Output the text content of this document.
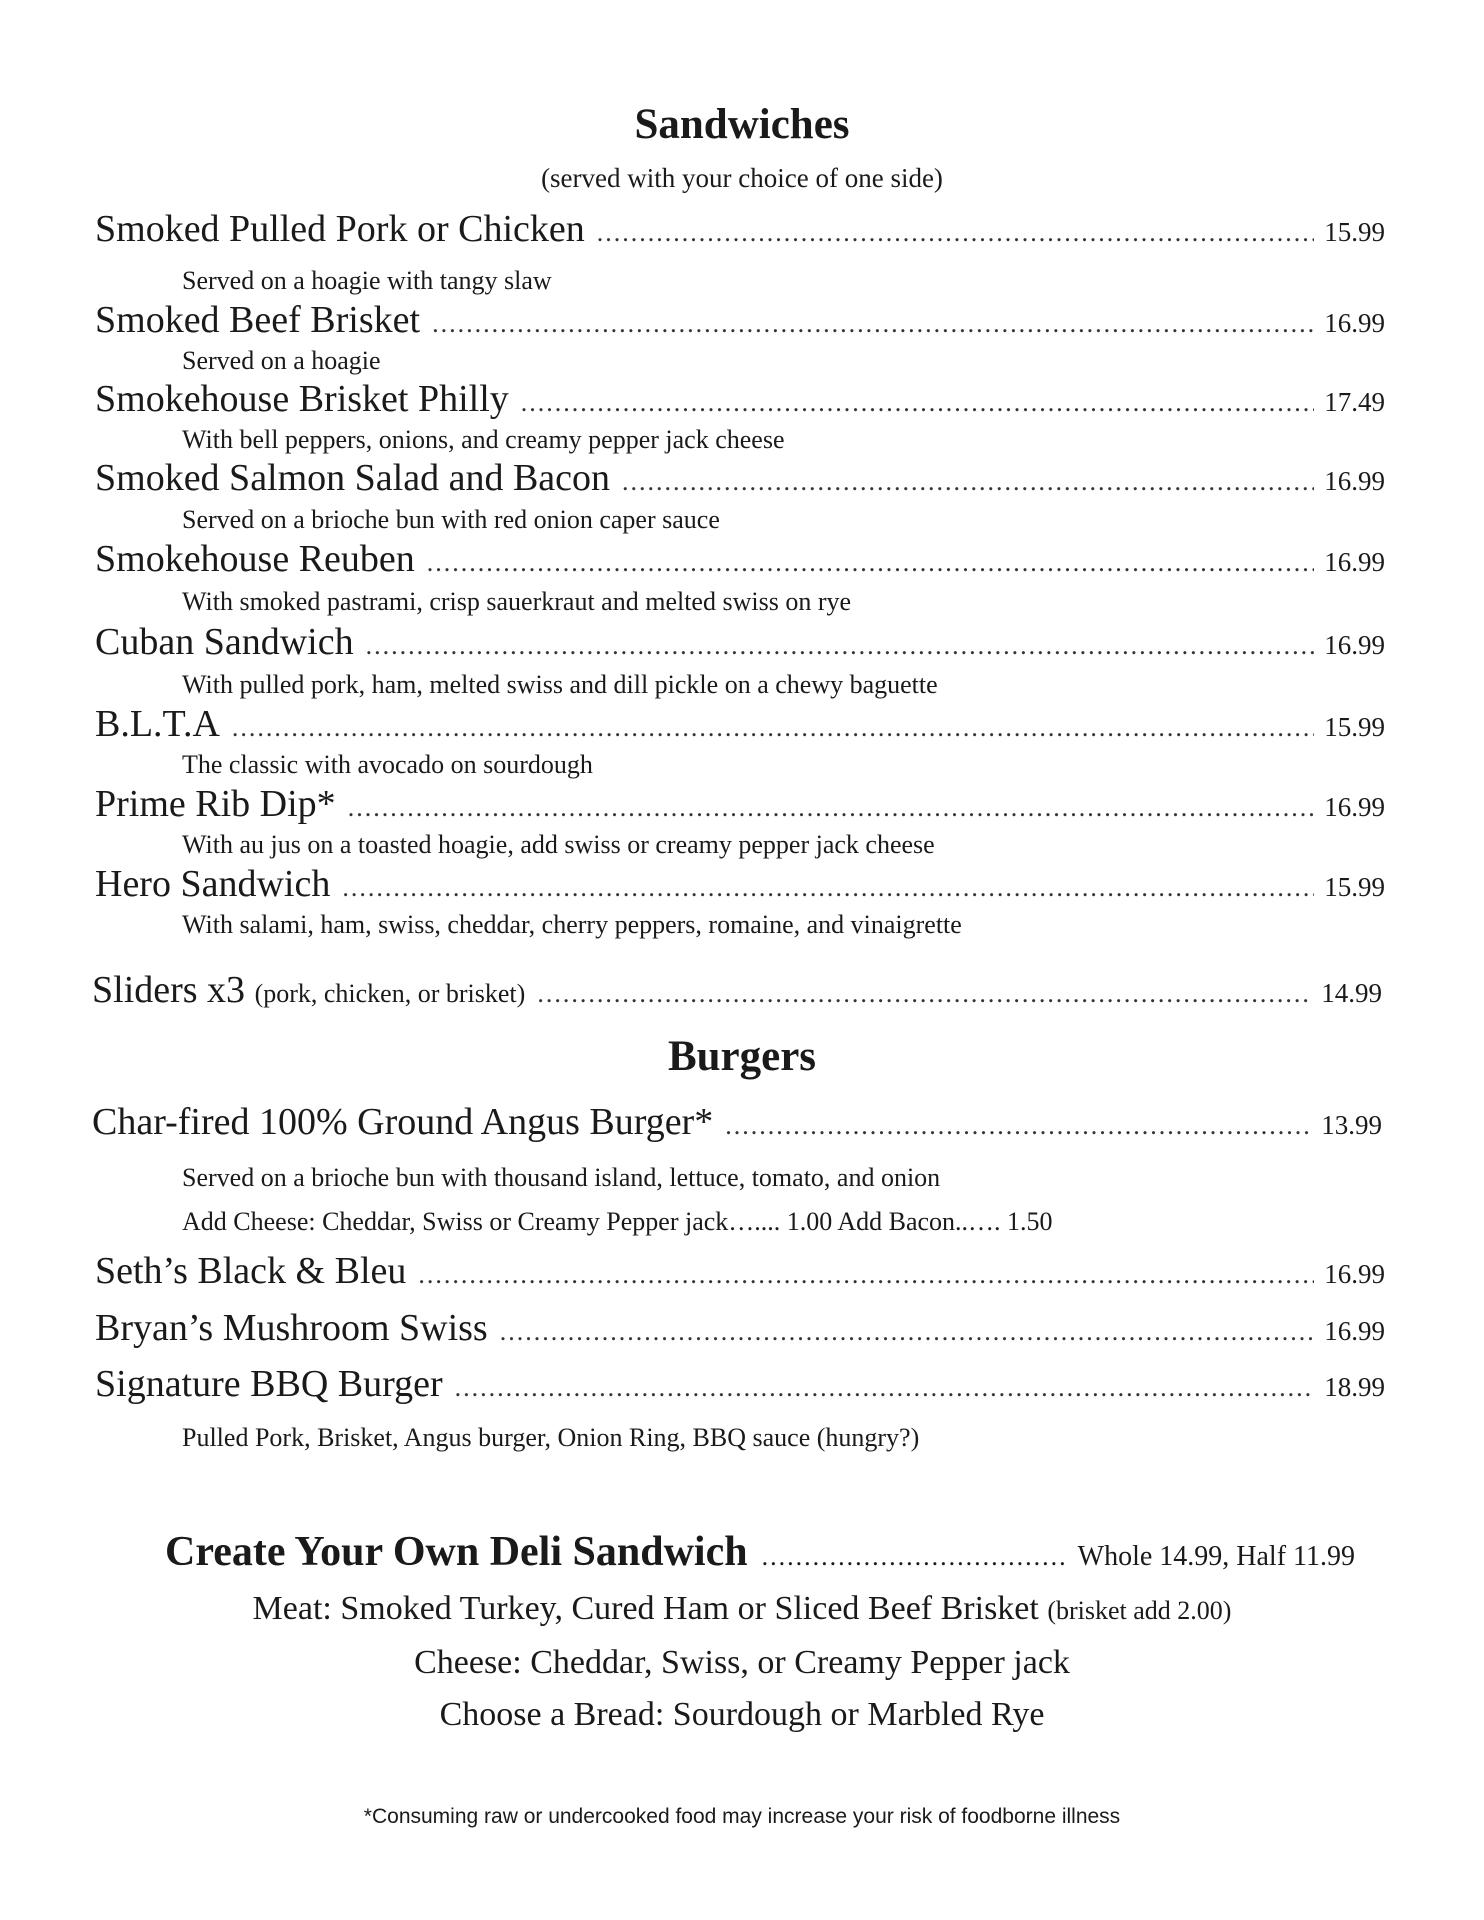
Sandwiches

(served with your choice of one side)

Smoked Pulled Pork or Chicken .....	15.99
Served on a hoagie with tangy slaw
Smoked Beef Brisket .....	16.99
Served on a hoagie
Smokehouse Brisket Philly .....	17.49
With bell peppers, onions, and creamy pepper jack cheese
Smoked Salmon Salad and Bacon .....	16.99
Served on a brioche bun with red onion caper sauce
Smokehouse Reuben .....	16.99
With smoked pastrami, crisp sauerkraut and melted swiss on rye
Cuban Sandwich .....	16.99
With pulled pork, ham, melted swiss and dill pickle on a chewy baguette
B.L.T.A .....	15.99
The classic with avocado on sourdough
Prime Rib Dip* .....	16.99
With au jus on a toasted hoagie, add swiss or creamy pepper jack cheese
Hero Sandwich .....	15.99
With salami, ham, swiss, cheddar, cherry peppers, romaine, and vinaigrette
Sliders x3 (pork, chicken, or brisket) .....	14.99
Burgers
Char-fired 100% Ground Angus Burger* .....	13.99
Served on a brioche bun with thousand island, lettuce, tomato, and onion
Add Cheese: Cheddar, Swiss or Creamy Pepper jack….... 1.00 Add Bacon..…. 1.50
Seth’s Black & Bleu .....	16.99
Bryan’s Mushroom Swiss .....	16.99
Signature BBQ Burger .....	18.99
Pulled Pork, Brisket, Angus burger, Onion Ring, BBQ sauce (hungry?)
Create Your Own Deli Sandwich .....	Whole 14.99, Half 11.99
Meat: Smoked Turkey, Cured Ham or Sliced Beef Brisket (brisket add 2.00)
Cheese: Cheddar, Swiss, or Creamy Pepper jack
Choose a Bread: Sourdough or Marbled Rye
*Consuming raw or undercooked food may increase your risk of foodborne illness
